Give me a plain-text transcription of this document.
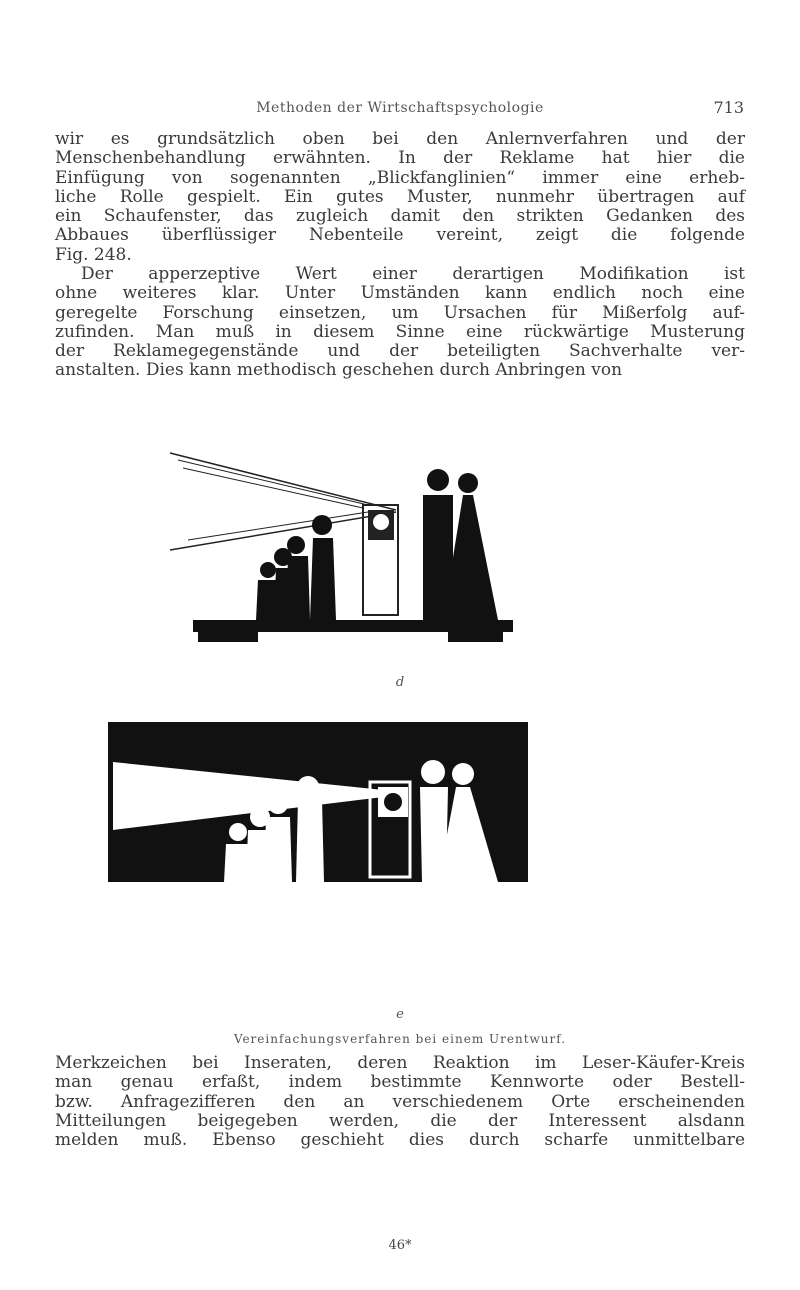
Methoden der Wirtschaftspsychologie	713
wir es grundsätzlich oben bei den Anlernverfahren und der
Menschenbehandlung erwähnten. In der Reklame hat hier die
Einfügung von sogenannten „Blickfanglinien“ immer eine erheb-
liche Rolle gespielt. Ein gutes Muster, nunmehr übertragen auf
ein Schaufenster, das zugleich damit den strikten Gedanken des
Abbaues überflüssiger Nebenteile vereint, zeigt die folgende
Fig. 248.
Der apperzeptive Wert einer derartigen Modifikation ist
ohne weiteres klar. Unter Umständen kann endlich noch eine
geregelte Forschung einsetzen, um Ursachen für Mißerfolg auf-
zufinden. Man muß in diesem Sinne eine rückwärtige Musterung
der Reklamegegenstände und der beteiligten Sachverhalte ver-
anstalten. Dies kann methodisch geschehen durch Anbringen von
d
e
Vereinfachungsverfahren bei einem Urentwurf.
Merkzeichen bei Inseraten, deren Reaktion im Leser-Käufer-Kreis
man genau erfaßt, indem bestimmte Kennworte oder Bestell-
bzw. Anfragezifferen den an verschiedenem Orte erscheinenden
Mitteilungen beigegeben werden, die der Interessent alsdann
melden muß. Ebenso geschieht dies durch scharfe unmittelbare
46*
